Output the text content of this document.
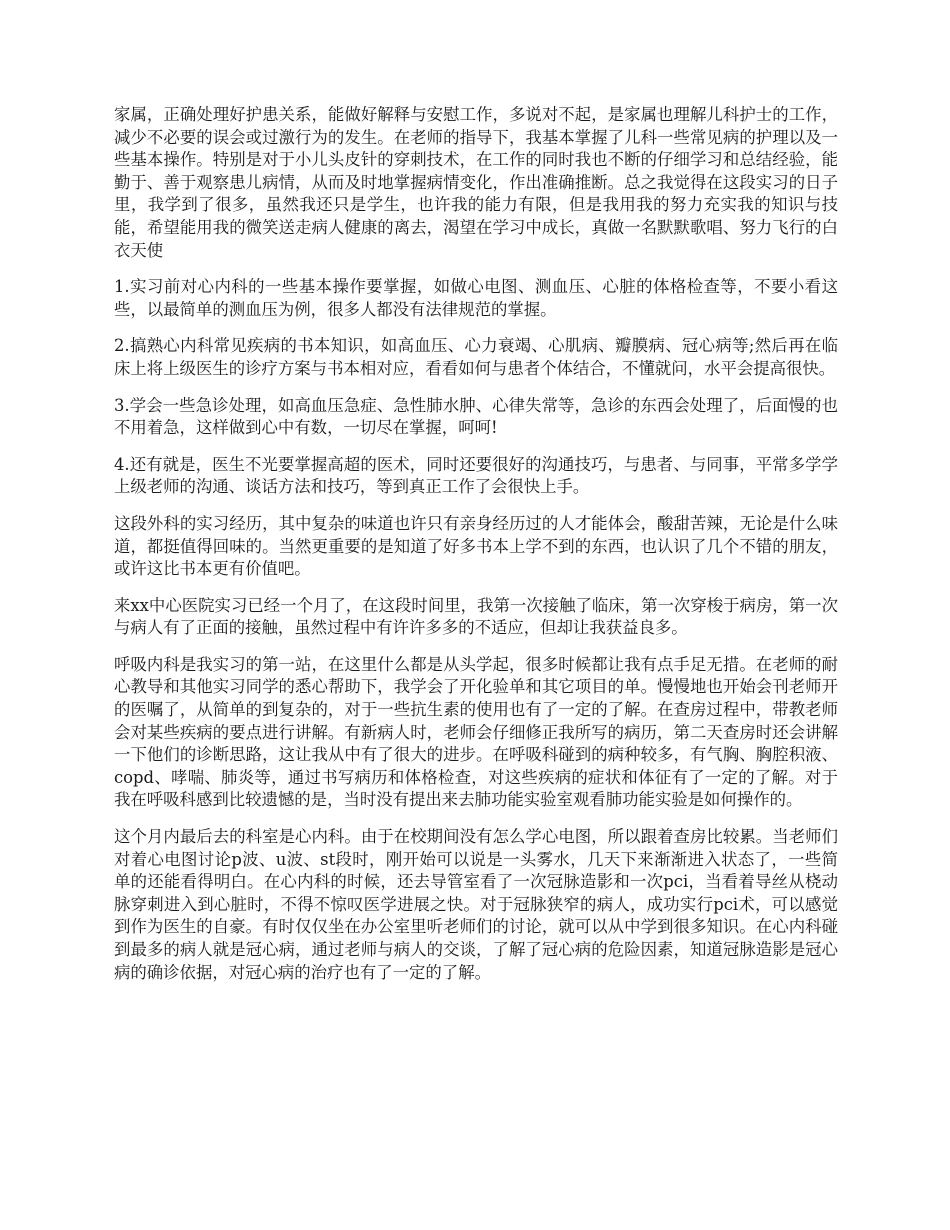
家属，正确处理好护患关系，能做好解释与安慰工作，多说对不起，是家属也理解儿科护士的工作，减少不必要的误会或过激行为的发生。在老师的指导下，我基本掌握了儿科一些常见病的护理以及一些基本操作。特别是对于小儿头皮针的穿刺技术，在工作的同时我也不断的仔细学习和总结经验，能勤于、善于观察患儿病情，从而及时地掌握病情变化，作出准确推断。总之我觉得在这段实习的日子里，我学到了很多，虽然我还只是学生，也许我的能力有限，但是我用我的努力充实我的知识与技能，希望能用我的微笑送走病人健康的离去，渴望在学习中成长，真做一名默默歌唱、努力飞行的白衣天使

1.实习前对心内科的一些基本操作要掌握，如做心电图、测血压、心脏的体格检查等，不要小看这些，以最简单的测血压为例，很多人都没有法律规范的掌握。

2.搞熟心内科常见疾病的书本知识，如高血压、心力衰竭、心肌病、瓣膜病、冠心病等;然后再在临床上将上级医生的诊疗方案与书本相对应，看看如何与患者个体结合，不懂就问，水平会提高很快。

3.学会一些急诊处理，如高血压急症、急性肺水肿、心律失常等，急诊的东西会处理了，后面慢的也不用着急，这样做到心中有数，一切尽在掌握，呵呵!

4.还有就是，医生不光要掌握高超的医术，同时还要很好的沟通技巧，与患者、与同事，平常多学学上级老师的沟通、谈话方法和技巧，等到真正工作了会很快上手。

这段外科的实习经历，其中复杂的味道也许只有亲身经历过的人才能体会，酸甜苦辣，无论是什么味道，都挺值得回味的。当然更重要的是知道了好多书本上学不到的东西，也认识了几个不错的朋友，或许这比书本更有价值吧。

来xx中心医院实习已经一个月了，在这段时间里，我第一次接触了临床，第一次穿梭于病房，第一次与病人有了正面的接触，虽然过程中有许许多多的不适应，但却让我获益良多。

呼吸内科是我实习的第一站，在这里什么都是从头学起，很多时候都让我有点手足无措。在老师的耐心教导和其他实习同学的悉心帮助下，我学会了开化验单和其它项目的单。慢慢地也开始会刊老师开的医嘱了，从简单的到复杂的，对于一些抗生素的使用也有了一定的了解。在查房过程中，带教老师会对某些疾病的要点进行讲解。有新病人时，老师会仔细修正我所写的病历，第二天查房时还会讲解一下他们的诊断思路，这让我从中有了很大的进步。在呼吸科碰到的病种较多，有气胸、胸腔积液、copd、哮喘、肺炎等，通过书写病历和体格检查，对这些疾病的症状和体征有了一定的了解。对于我在呼吸科感到比较遗憾的是，当时没有提出来去肺功能实验室观看肺功能实验是如何操作的。

这个月内最后去的科室是心内科。由于在校期间没有怎么学心电图，所以跟着查房比较累。当老师们对着心电图讨论p波、u波、st段时，刚开始可以说是一头雾水，几天下来渐渐进入状态了，一些简单的还能看得明白。在心内科的时候，还去导管室看了一次冠脉造影和一次pci，当看着导丝从桡动脉穿刺进入到心脏时，不得不惊叹医学进展之快。对于冠脉狭窄的病人，成功实行pci术，可以感觉到作为医生的自豪。有时仅仅坐在办公室里听老师们的讨论，就可以从中学到很多知识。在心内科碰到最多的病人就是冠心病，通过老师与病人的交谈，了解了冠心病的危险因素，知道冠脉造影是冠心病的确诊依据，对冠心病的治疗也有了一定的了解。
